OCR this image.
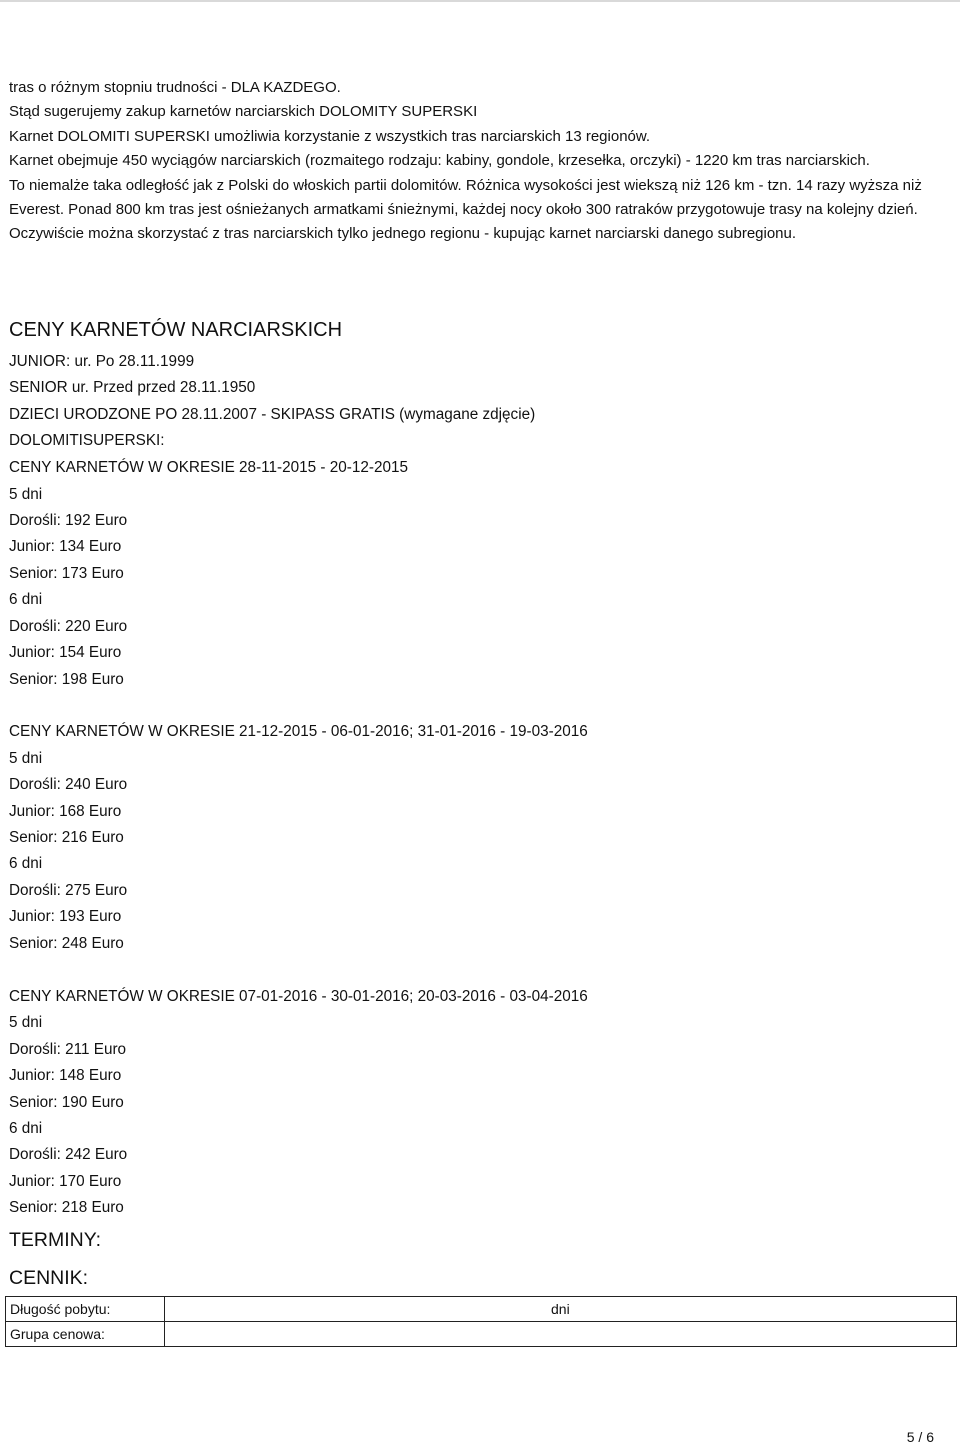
tras o różnym stopniu trudności - DLA KAZDEGO.

Stąd sugerujemy zakup karnetów narciarskich DOLOMITY SUPERSKI

Karnet DOLOMITI SUPERSKI umożliwia korzystanie z wszystkich tras narciarskich 13 regionów.

Karnet obejmuje 450 wyciągów narciarskich (rozmaitego rodzaju: kabiny, gondole, krzesełka, orczyki) - 1220 km tras narciarskich.

To niemalże taka odległość jak z Polski do włoskich partii dolomitów. Różnica wysokości jest wiekszą niż 126 km - tzn. 14 razy wyższa niż Everest. Ponad 800 km tras jest ośnieżanych armatkami śnieżnymi, każdej nocy około 300 ratraków przygotowuje trasy na kolejny dzień.

Oczywiście można skorzystać z tras narciarskich tylko jednego regionu - kupując karnet narciarski danego subregionu.

CENY KARNETÓW NARCIARSKICH
JUNIOR: ur. Po 28.11.1999
SENIOR ur. Przed przed 28.11.1950
DZIECI URODZONE PO 28.11.2007 - SKIPASS GRATIS (wymagane zdjęcie)
DOLOMITISUPERSKI:
CENY KARNETÓW W OKRESIE 28-11-2015 - 20-12-2015
5 dni
Dorośli: 192 Euro
Junior: 134 Euro
Senior: 173 Euro
6 dni
Dorośli: 220 Euro
Junior: 154 Euro
Senior: 198 Euro
CENY KARNETÓW W OKRESIE 21-12-2015 - 06-01-2016; 31-01-2016 - 19-03-2016
5 dni
Dorośli: 240 Euro
Junior: 168 Euro
Senior: 216 Euro
6 dni
Dorośli: 275 Euro
Junior: 193 Euro
Senior: 248 Euro
CENY KARNETÓW W OKRESIE 07-01-2016 - 30-01-2016; 20-03-2016 - 03-04-2016
5 dni
Dorośli: 211 Euro
Junior: 148 Euro
Senior: 190 Euro
6 dni
Dorośli: 242 Euro
Junior: 170 Euro
Senior: 218 Euro
TERMINY:
CENNIK:
Długość pobytu:	dni
Grupa cenowa:	
5 / 6
